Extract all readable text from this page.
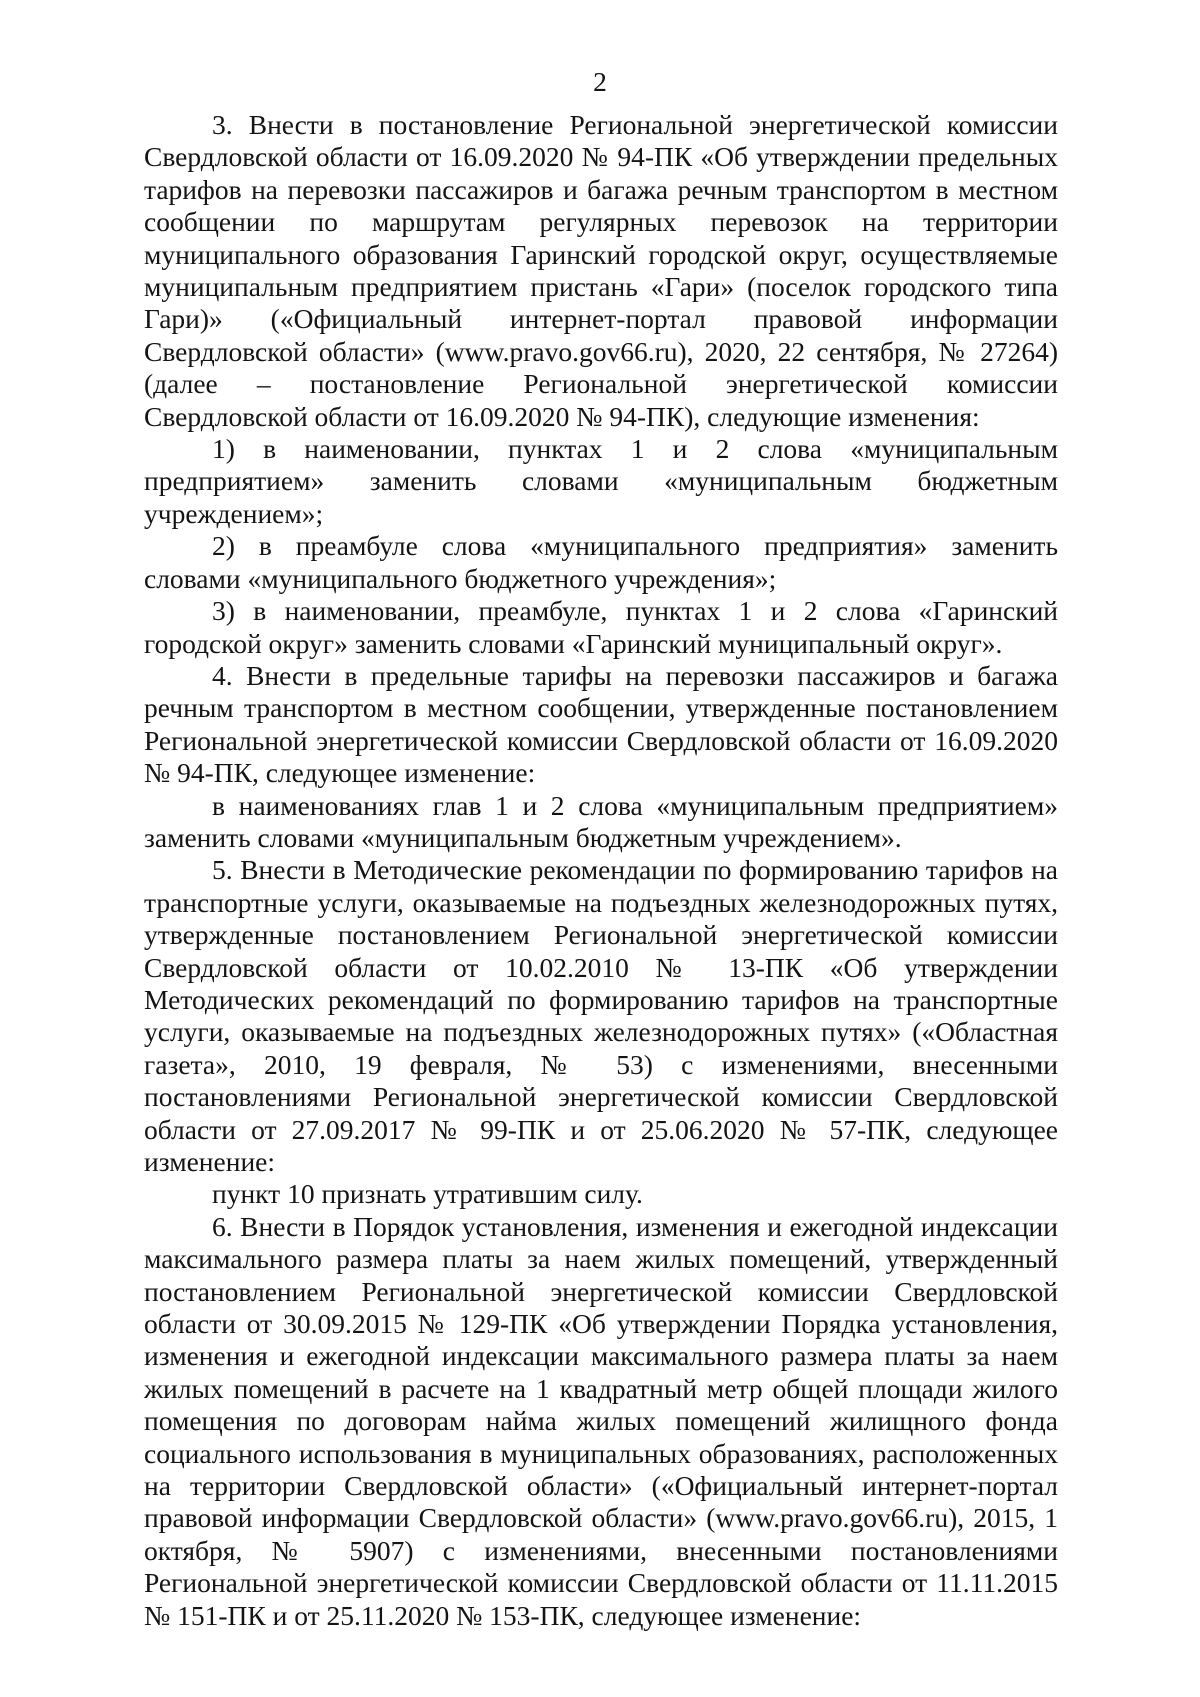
2

3. Внести в постановление Региональной энергетической комиссии Свердловской области от 16.09.2020 № 94-ПК «Об утверждении предельных тарифов на перевозки пассажиров и багажа речным транспортом в местном сообщении по маршрутам регулярных перевозок на территории муниципального образования Гаринский городской округ, осуществляемые муниципальным предприятием пристань «Гари» (поселок городского типа Гари)» («Официальный интернет-портал правовой информации Свердловской области» (www.pravo.gov66.ru), 2020, 22 сентября, № 27264) (далее – постановление Региональной энергетической комиссии Свердловской области от 16.09.2020 № 94-ПК), следующие изменения:

1) в наименовании, пунктах 1 и 2 слова «муниципальным предприятием» заменить словами «муниципальным бюджетным учреждением»;

2) в преамбуле слова «муниципального предприятия» заменить словами «муниципального бюджетного учреждения»;

3) в наименовании, преамбуле, пунктах 1 и 2 слова «Гаринский городской округ» заменить словами «Гаринский муниципальный округ».

4. Внести в предельные тарифы на перевозки пассажиров и багажа речным транспортом в местном сообщении, утвержденные постановлением Региональной энергетической комиссии Свердловской области от 16.09.2020 № 94-ПК, следующее изменение:

в наименованиях глав 1 и 2 слова «муниципальным предприятием» заменить словами «муниципальным бюджетным учреждением».

5. Внести в Методические рекомендации по формированию тарифов на транспортные услуги, оказываемые на подъездных железнодорожных путях, утвержденные постановлением Региональной энергетической комиссии Свердловской области от 10.02.2010 № 13-ПК «Об утверждении Методических рекомендаций по формированию тарифов на транспортные услуги, оказываемые на подъездных железнодорожных путях» («Областная газета», 2010, 19 февраля, № 53) с изменениями, внесенными постановлениями Региональной энергетической комиссии Свердловской области от 27.09.2017 № 99-ПК и от 25.06.2020 № 57-ПК, следующее изменение:

пункт 10 признать утратившим силу.

6. Внести в Порядок установления, изменения и ежегодной индексации максимального размера платы за наем жилых помещений, утвержденный постановлением Региональной энергетической комиссии Свердловской области от 30.09.2015 № 129-ПК «Об утверждении Порядка установления, изменения и ежегодной индексации максимального размера платы за наем жилых помещений в расчете на 1 квадратный метр общей площади жилого помещения по договорам найма жилых помещений жилищного фонда социального использования в муниципальных образованиях, расположенных на территории Свердловской области» («Официальный интернет-портал правовой информации Свердловской области» (www.pravo.gov66.ru), 2015, 1 октября, № 5907) с изменениями, внесенными постановлениями Региональной энергетической комиссии Свердловской области от 11.11.2015 № 151-ПК и от 25.11.2020 № 153-ПК, следующее изменение:
